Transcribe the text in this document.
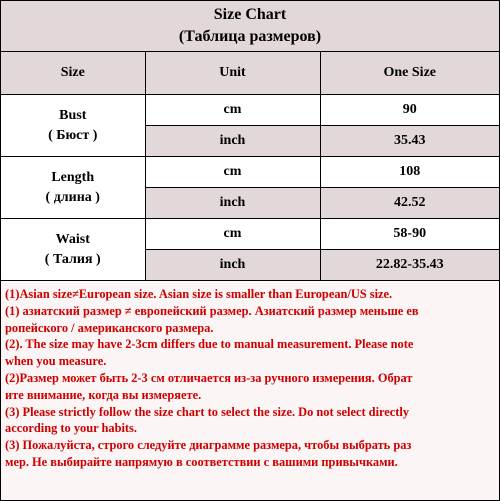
Size Chart
(Таблица размеров)
Size	Unit	One Size

Bust
( Бюст )	cm	90
	inch	35.43

Length
( длина )	cm	108
	inch	42.52

Waist
( Талия )	cm	58-90
	inch	22.82-35.43

(1)Asian size≠European size. Asian size is smaller than European/US size.

(1) азиатский размер ≠ европейский размер. Азиатский размер меньше ев

ропейского / американского размера.

(2). The size may have 2-3cm differs due to manual measurement. Please note

when you measure.

(2)Размер может быть 2-3 см отличается из-за ручного измерения. Обрат

ите внимание, когда вы измеряете.

(3) Please strictly follow the size chart to select the size. Do not select directly

according to your habits.

(3) Пожалуйста, строго следуйте диаграмме размера, чтобы выбрать раз

мер. Не выбирайте напрямую в соответствии с вашими привычками.
